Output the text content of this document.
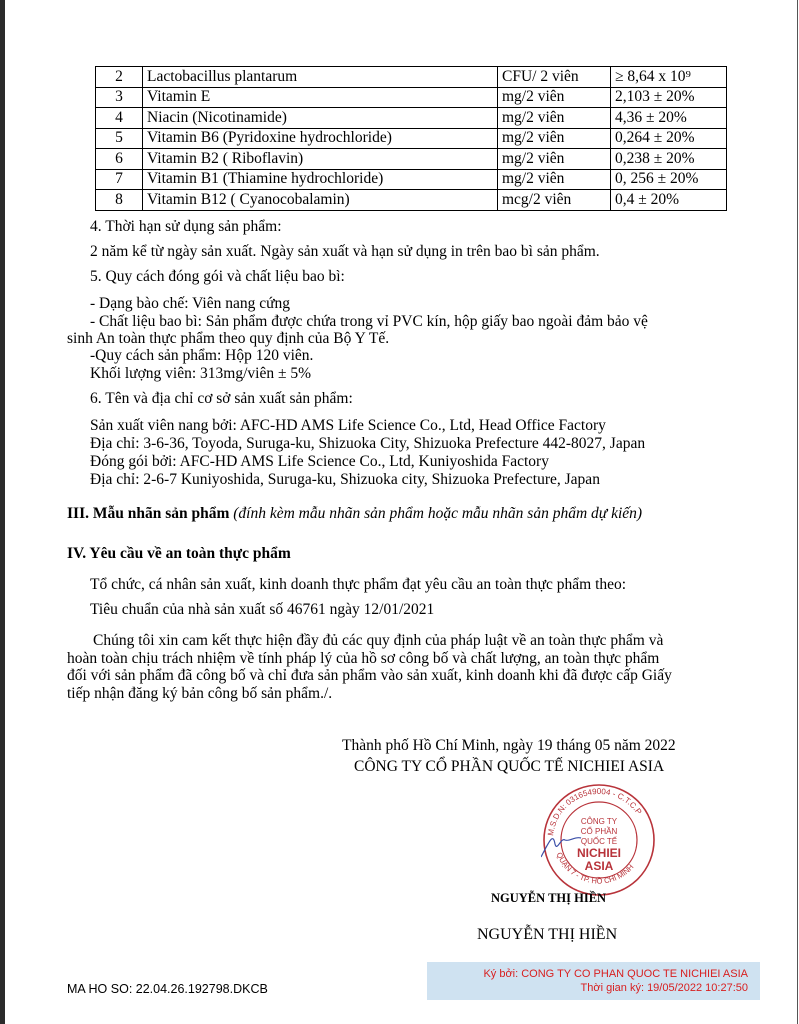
2	Lactobacillus plantarum	CFU/ 2 viên	≥ 8,64 x 10⁹
3	Vitamin E	mg/2 viên	2,103 ± 20%
4	Niacin (Nicotinamide)	mg/2 viên	4,36 ± 20%
5	Vitamin B6 (Pyridoxine hydrochloride)	mg/2 viên	0,264 ± 20%
6	Vitamin B2 ( Riboflavin)	mg/2 viên	0,238 ± 20%
7	Vitamin B1 (Thiamine hydrochloride)	mg/2 viên	0, 256 ± 20%
8	Vitamin B12 ( Cyanocobalamin)	mcg/2 viên	0,4 ± 20%
4. Thời hạn sử dụng sản phẩm:
2 năm kể từ ngày sản xuất. Ngày sản xuất và hạn sử dụng in trên bao bì sản phẩm.
5. Quy cách đóng gói và chất liệu bao bì:
- Dạng bào chế: Viên nang cứng
- Chất liệu bao bì: Sản phẩm được chứa trong vỉ PVC kín, hộp giấy bao ngoài đảm bảo vệ
sinh An toàn thực phẩm theo quy định của Bộ Y Tế.
-Quy cách sản phẩm: Hộp 120 viên.
Khối lượng viên: 313mg/viên ± 5%
6. Tên và địa chỉ cơ sở sản xuất sản phẩm:
Sản xuất viên nang bởi: AFC-HD AMS Life Science Co., Ltd, Head Office Factory
Địa chỉ: 3-6-36, Toyoda, Suruga-ku, Shizuoka City, Shizuoka Prefecture 442-8027, Japan
Đóng gói bởi: AFC-HD AMS Life Science Co., Ltd, Kuniyoshida Factory
Địa chỉ: 2-6-7 Kuniyoshida, Suruga-ku, Shizuoka city, Shizuoka Prefecture, Japan
III. Mẫu nhãn sản phẩm (đính kèm mẫu nhãn sản phẩm hoặc mẫu nhãn sản phẩm dự kiến)
IV. Yêu cầu về an toàn thực phẩm
Tổ chức, cá nhân sản xuất, kinh doanh thực phẩm đạt yêu cầu an toàn thực phẩm theo:
Tiêu chuẩn của nhà sản xuất số 46761 ngày 12/01/2021
Chúng tôi xin cam kết thực hiện đầy đủ các quy định của pháp luật về an toàn thực phẩm và
hoàn toàn chịu trách nhiệm về tính pháp lý của hồ sơ công bố và chất lượng, an toàn thực phẩm
đối với sản phẩm đã công bố và chỉ đưa sản phẩm vào sản xuất, kinh doanh khi đã được cấp Giấy
tiếp nhận đăng ký bản công bố sản phẩm./.
Thành phố Hồ Chí Minh, ngày 19 tháng 05 năm 2022
CÔNG TY CỔ PHẦN QUỐC TẾ NICHIEI ASIA
M.S.D.N: 0316549004 - C.T.C.P
QUẬN 7 - TP. HỒ CHÍ MINH
CÔNG TY
CỔ PHẦN
QUỐC TẾ
NICHIEI
ASIA
NGUYỄN THỊ HIỀN
NGUYỄN THỊ HIỀN
Ký bởi: CONG TY CO PHAN QUOC TE NICHIEI ASIA
Thời gian ký: 19/05/2022 10:27:50
MA HO SO: 22.04.26.192798.DKCB
